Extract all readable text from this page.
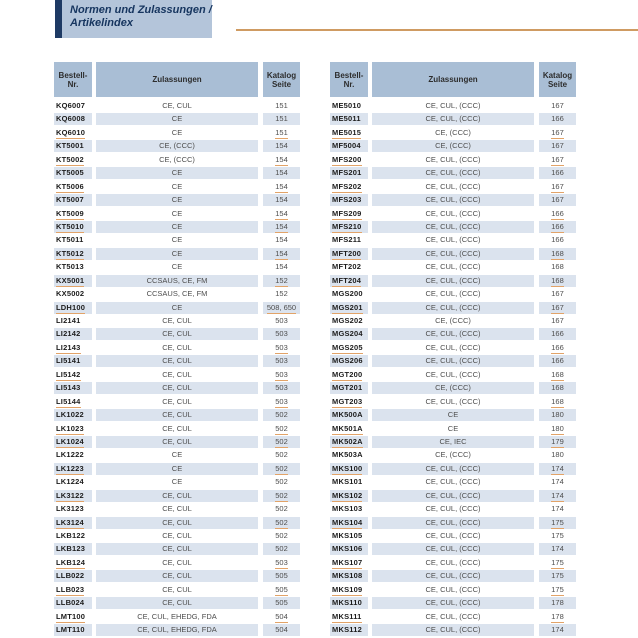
Normen und Zulassungen /
Artikelindex
Bestell-
Nr.	Zulassungen	Katalog
Seite
KQ6007	CE, CUL	151
KQ6008	CE	151
KQ6010	CE	151
KT5001	CE, (CCC)	154
KT5002	CE, (CCC)	154
KT5005	CE	154
KT5006	CE	154
KT5007	CE	154
KT5009	CE	154
KT5010	CE	154
KT5011	CE	154
KT5012	CE	154
KT5013	CE	154
KX5001	CCSAUS, CE, FM	152
KX5002	CCSAUS, CE, FM	152
LDH100	CE	508, 650
LI2141	CE, CUL	503
LI2142	CE, CUL	503
LI2143	CE, CUL	503
LI5141	CE, CUL	503
LI5142	CE, CUL	503
LI5143	CE, CUL	503
LI5144	CE, CUL	503
LK1022	CE, CUL	502
LK1023	CE, CUL	502
LK1024	CE, CUL	502
LK1222	CE	502
LK1223	CE	502
LK1224	CE	502
LK3122	CE, CUL	502
LK3123	CE, CUL	502
LK3124	CE, CUL	502
LKB122	CE, CUL	502
LKB123	CE, CUL	502
LKB124	CE, CUL	503
LLB022	CE, CUL	505
LLB023	CE, CUL	505
LLB024	CE, CUL	505
LMT100	CE, CUL, EHEDG, FDA	504
LMT110	CE, CUL, EHEDG, FDA	504
Bestell-
Nr.	Zulassungen	Katalog
Seite
ME5010	CE, CUL, (CCC)	167
ME5011	CE, CUL, (CCC)	166
ME5015	CE, (CCC)	167
MF5004	CE, (CCC)	167
MFS200	CE, CUL, (CCC)	167
MFS201	CE, CUL, (CCC)	166
MFS202	CE, CUL, (CCC)	167
MFS203	CE, CUL, (CCC)	167
MFS209	CE, CUL, (CCC)	166
MFS210	CE, CUL, (CCC)	166
MFS211	CE, CUL, (CCC)	166
MFT200	CE, CUL, (CCC)	168
MFT202	CE, CUL, (CCC)	168
MFT204	CE, CUL, (CCC)	168
MGS200	CE, CUL, (CCC)	167
MGS201	CE, CUL, (CCC)	167
MGS202	CE, (CCC)	167
MGS204	CE, CUL, (CCC)	166
MGS205	CE, CUL, (CCC)	166
MGS206	CE, CUL, (CCC)	166
MGT200	CE, CUL, (CCC)	168
MGT201	CE, (CCC)	168
MGT203	CE, CUL, (CCC)	168
MK500A	CE	180
MK501A	CE	180
MK502A	CE, IEC	179
MK503A	CE, (CCC)	180
MKS100	CE, CUL, (CCC)	174
MKS101	CE, CUL, (CCC)	174
MKS102	CE, CUL, (CCC)	174
MKS103	CE, CUL, (CCC)	174
MKS104	CE, CUL, (CCC)	175
MKS105	CE, CUL, (CCC)	175
MKS106	CE, CUL, (CCC)	174
MKS107	CE, CUL, (CCC)	175
MKS108	CE, CUL, (CCC)	175
MKS109	CE, CUL, (CCC)	175
MKS110	CE, CUL, (CCC)	178
MKS111	CE, CUL, (CCC)	178
MKS112	CE, CUL, (CCC)	174
